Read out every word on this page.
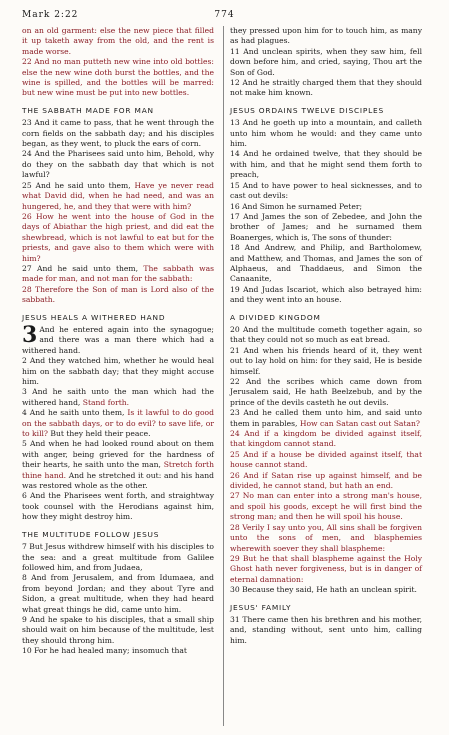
Mark 2:22	774

on an old garment: else the new piece that filled it up taketh away from the old, and the rent is made worse.

22 And no man putteth new wine into old bottles: else the new wine doth burst the bottles, and the wine is spilled, and the bottles will be marred: but new wine must be put into new bottles.

THE SABBATH MADE FOR MAN

23 And it came to pass, that he went through the corn fields on the sabbath day; and his disciples began, as they went, to pluck the ears of corn.

24 And the Pharisees said unto him, Behold, why do they on the sabbath day that which is not lawful?

25 And he said unto them, Have ye never read what David did, when he had need, and was an hungered, he, and they that were with him?

26 How he went into the house of God in the days of Abiathar the high priest, and did eat the shewbread, which is not lawful to eat but for the priests, and gave also to them which were with him?

27 And he said unto them, The sabbath was made for man, and not man for the sabbath:

28 Therefore the Son of man is Lord also of the sabbath.

JESUS HEALS A WITHERED HAND

3 And he entered again into the synagogue; and there was a man there which had a withered hand.

2 And they watched him, whether he would heal him on the sabbath day; that they might accuse him.

3 And he saith unto the man which had the withered hand, Stand forth.

4 And he saith unto them, Is it lawful to do good on the sabbath days, or to do evil? to save life, or to kill? But they held their peace.

5 And when he had looked round about on them with anger, being grieved for the hardness of their hearts, he saith unto the man, Stretch forth thine hand. And he stretched it out: and his hand was restored whole as the other.

6 And the Pharisees went forth, and straightway took counsel with the Herodians against him, how they might destroy him.

THE MULTITUDE FOLLOW JESUS

7 But Jesus withdrew himself with his disciples to the sea: and a great multitude from Galilee followed him, and from Judaea,

8 And from Jerusalem, and from Idumaea, and from beyond Jordan; and they about Tyre and Sidon, a great multitude, when they had heard what great things he did, came unto him.

9 And he spake to his disciples, that a small ship should wait on him because of the multitude, lest they should throng him.

10 For he had healed many; insomuch that

they pressed upon him for to touch him, as many as had plagues.

11 And unclean spirits, when they saw him, fell down before him, and cried, saying, Thou art the Son of God.

12 And he straitly charged them that they should not make him known.

JESUS ORDAINS TWELVE DISCIPLES

13 And he goeth up into a mountain, and calleth unto him whom he would: and they came unto him.

14 And he ordained twelve, that they should be with him, and that he might send them forth to preach,

15 And to have power to heal sicknesses, and to cast out devils:

16 And Simon he surnamed Peter;

17 And James the son of Zebedee, and John the brother of James; and he surnamed them Boanerges, which is, The sons of thunder:

18 And Andrew, and Philip, and Bartholomew, and Matthew, and Thomas, and James the son of Alphaeus, and Thaddaeus, and Simon the Canaanite,

19 And Judas Iscariot, which also betrayed him: and they went into an house.

A DIVIDED KINGDOM

20 And the multitude cometh together again, so that they could not so much as eat bread.

21 And when his friends heard of it, they went out to lay hold on him: for they said, He is beside himself.

22 And the scribes which came down from Jerusalem said, He hath Beelzebub, and by the prince of the devils casteth he out devils.

23 And he called them unto him, and said unto them in parables, How can Satan cast out Satan?

24 And if a kingdom be divided against itself, that kingdom cannot stand.

25 And if a house be divided against itself, that house cannot stand.

26 And if Satan rise up against himself, and be divided, he cannot stand, but hath an end.

27 No man can enter into a strong man's house, and spoil his goods, except he will first bind the strong man; and then he will spoil his house.

28 Verily I say unto you, All sins shall be forgiven unto the sons of men, and blasphemies wherewith soever they shall blaspheme:

29 But he that shall blaspheme against the Holy Ghost hath never forgiveness, but is in danger of eternal damnation:

30 Because they said, He hath an unclean spirit.

JESUS' FAMILY

31 There came then his brethren and his mother, and, standing without, sent unto him, calling him.
